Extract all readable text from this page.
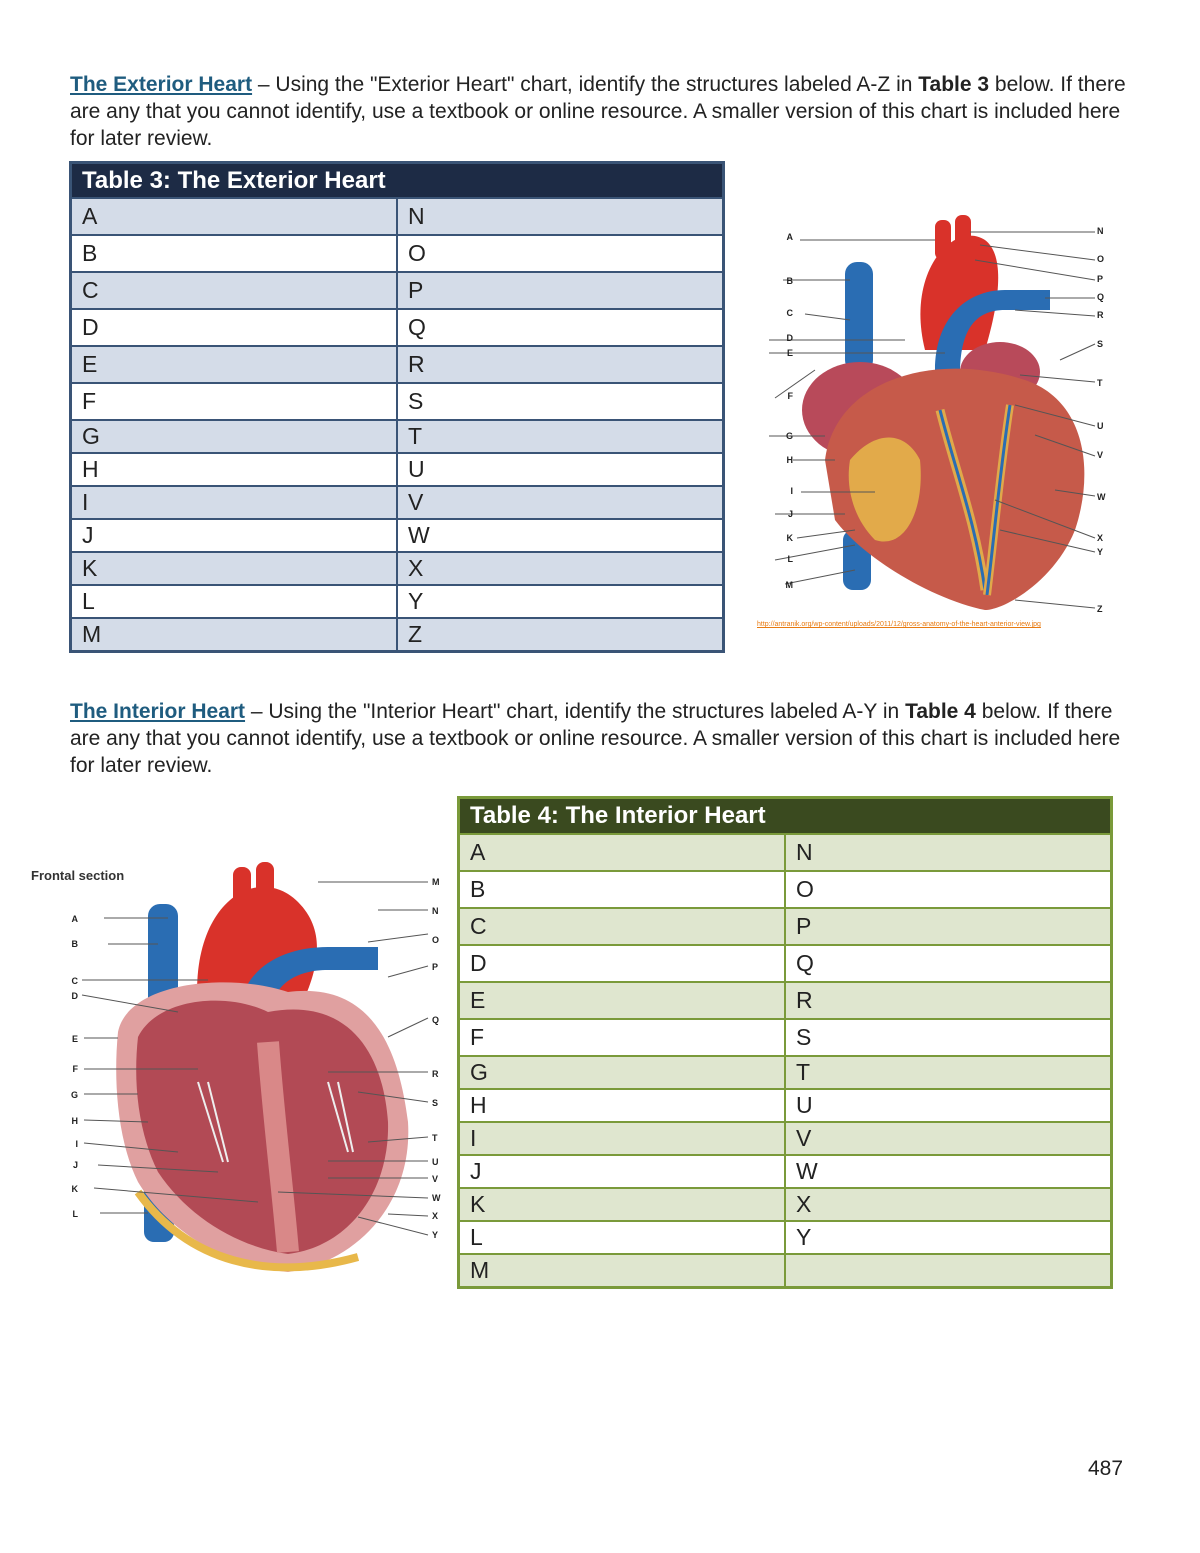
The Exterior Heart – Using the "Exterior Heart" chart, identify the structures labeled A-Z in Table 3 below. If there are any that you cannot identify, use a textbook or online resource. A smaller version of this chart is included here for later review.
Table 3: The Exterior Heart	
A	N
B	O
C	P
D	Q
E	R
F	S
G	T
H	U
I	V
J	W
K	X
L	Y
M	Z
A
B
C
D
E
F
G
H
I
J
K
L
M
N
O
P
Q
R
S
T
U
V
W
X
Y
Z
http://antranik.org/wp-content/uploads/2011/12/gross-anatomy-of-the-heart-anterior-view.jpg
The Interior Heart – Using the "Interior Heart" chart, identify the structures labeled A-Y in Table 4 below. If there are any that you cannot identify, use a textbook or online resource. A smaller version of this chart is included here for later review.
Frontal section
A
B
C
D
E
F
G
H
I
J
K
L
M
N
O
P
Q
R
S
T
U
V
W
X
Y
Table 4: The Interior Heart	
A	N
B	O
C	P
D	Q
E	R
F	S
G	T
H	U
I	V
J	W
K	X
L	Y
M	
487
